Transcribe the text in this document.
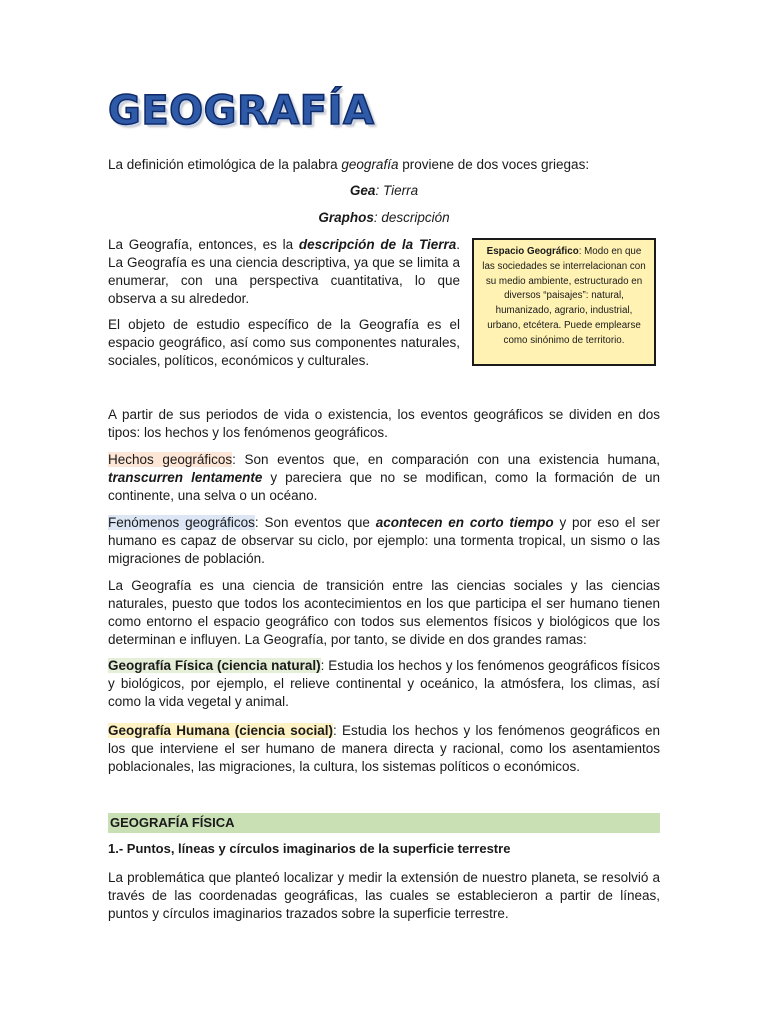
GEOGRAFÍA
La definición etimológica de la palabra geografía proviene de dos voces griegas:
Gea: Tierra
Graphos: descripción
La Geografía, entonces, es la descripción de la Tierra. La Geografía es una ciencia descriptiva, ya que se limita a enumerar, con una perspectiva cuantitativa, lo que observa a su alrededor.
El objeto de estudio específico de la Geografía es el espacio geográfico, así como sus componentes naturales, sociales, políticos, económicos y culturales.
Espacio Geográfico: Modo en que las sociedades se interrelacionan con su medio ambiente, estructurado en diversos “paisajes”: natural, humanizado, agrario, industrial, urbano, etcétera. Puede emplearse como sinónimo de territorio.
A partir de sus periodos de vida o existencia, los eventos geográficos se dividen en dos tipos: los hechos y los fenómenos geográficos.
Hechos geográficos: Son eventos que, en comparación con una existencia humana, transcurren lentamente y pareciera que no se modifican, como la formación de un continente, una selva o un océano.
Fenómenos geográficos: Son eventos que acontecen en corto tiempo y por eso el ser humano es capaz de observar su ciclo, por ejemplo: una tormenta tropical, un sismo o las migraciones de población.
La Geografía es una ciencia de transición entre las ciencias sociales y las ciencias naturales, puesto que todos los acontecimientos en los que participa el ser humano tienen como entorno el espacio geográfico con todos sus elementos físicos y biológicos que los determinan e influyen. La Geografía, por tanto, se divide en dos grandes ramas:
Geografía Física (ciencia natural): Estudia los hechos y los fenómenos geográficos físicos y biológicos, por ejemplo, el relieve continental y oceánico, la atmósfera, los climas, así como la vida vegetal y animal.
Geografía Humana (ciencia social): Estudia los hechos y los fenómenos geográficos en los que interviene el ser humano de manera directa y racional, como los asentamientos poblacionales, las migraciones, la cultura, los sistemas políticos o económicos.
GEOGRAFÍA FÍSICA
1.- Puntos, líneas y círculos imaginarios de la superficie terrestre
La problemática que planteó localizar y medir la extensión de nuestro planeta, se resolvió a través de las coordenadas geográficas, las cuales se establecieron a partir de líneas, puntos y círculos imaginarios trazados sobre la superficie terrestre.
